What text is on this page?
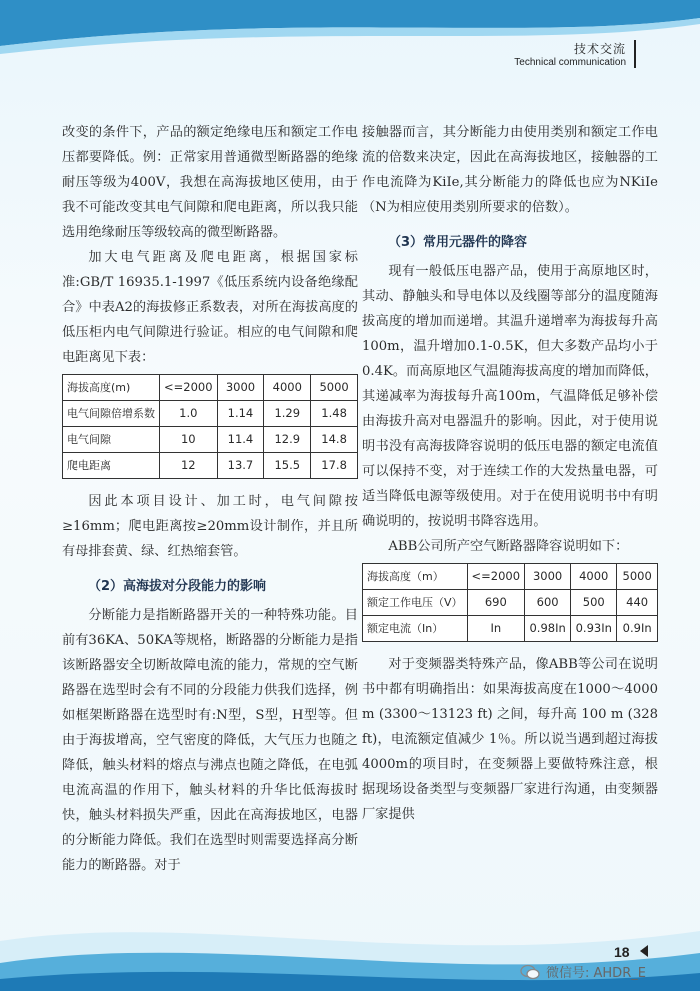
技术交流
Technical communication

改变的条件下，产品的额定绝缘电压和额定工作电压都要降低。例：正常家用普通微型断路器的绝缘耐压等级为400V，我想在高海拔地区使用，由于我不可能改变其电气间隙和爬电距离，所以我只能选用绝缘耐压等级较高的微型断路器。

加大电气距离及爬电距离，根据国家标准:GB/T 16935.1-1997《低压系统内设备绝缘配合》中表A2的海拔修正系数表，对所在海拔高度的低压柜内电气间隙进行验证。相应的电气间隙和爬电距离见下表：

海拔高度(m)	<=2000	3000	4000	5000
电气间隙倍增系数	1.0	1.14	1.29	1.48
电气间隙	10	11.4	12.9	14.8
爬电距离	12	13.7	15.5	17.8

因此本项目设计、加工时，电气间隙按≥16mm；爬电距离按≥20mm设计制作，并且所有母排套黄、绿、红热缩套管。

（2）高海拔对分段能力的影响

分断能力是指断路器开关的一种特殊功能。目前有36KA、50KA等规格，断路器的分断能力是指该断路器安全切断故障电流的能力，常规的空气断路器在选型时会有不同的分段能力供我们选择，例如框架断路器在选型时有:N型，S型，H型等。但由于海拔增高，空气密度的降低，大气压力也随之降低，触头材料的熔点与沸点也随之降低，在电弧电流高温的作用下，触头材料的升华比低海拔时快，触头材料损失严重，因此在高海拔地区，电器的分断能力降低。我们在选型时则需要选择高分断能力的断路器。对于

接触器而言，其分断能力由使用类别和额定工作电流的倍数来决定，因此在高海拔地区，接触器的工作电流降为KiIe,其分断能力的降低也应为NKiIe（N为相应使用类别所要求的倍数）。

（3）常用元器件的降容

现有一般低压电器产品，使用于高原地区时，其动、静触头和导电体以及线圈等部分的温度随海拔高度的增加而递增。其温升递增率为海拔每升高100m，温升增加0.1-0.5K，但大多数产品均小于0.4K。而高原地区气温随海拔高度的增加而降低，其递减率为海拔每升高100m，气温降低足够补偿由海拔升高对电器温升的影响。因此，对于使用说明书没有高海拔降容说明的低压电器的额定电流值可以保持不变，对于连续工作的大发热量电器，可适当降低电源等级使用。对于在使用说明书中有明确说明的，按说明书降容选用。

ABB公司所产空气断路器降容说明如下：

海拔高度（m）	<=2000	3000	4000	5000
额定工作电压（V）	690	600	500	440
额定电流（In）	In	0.98In	0.93In	0.9In

对于变频器类特殊产品，像ABB等公司在说明书中都有明确指出：如果海拔高度在1000～4000 m (3300～13123 ft) 之间，每升高 100 m (328 ft)，电流额定值减少 1％。所以说当遇到超过海拔4000m的项目时，在变频器上要做特殊注意，根据现场设备类型与变频器厂家进行沟通，由变频器厂家提供

18
微信号: AHDR_E
